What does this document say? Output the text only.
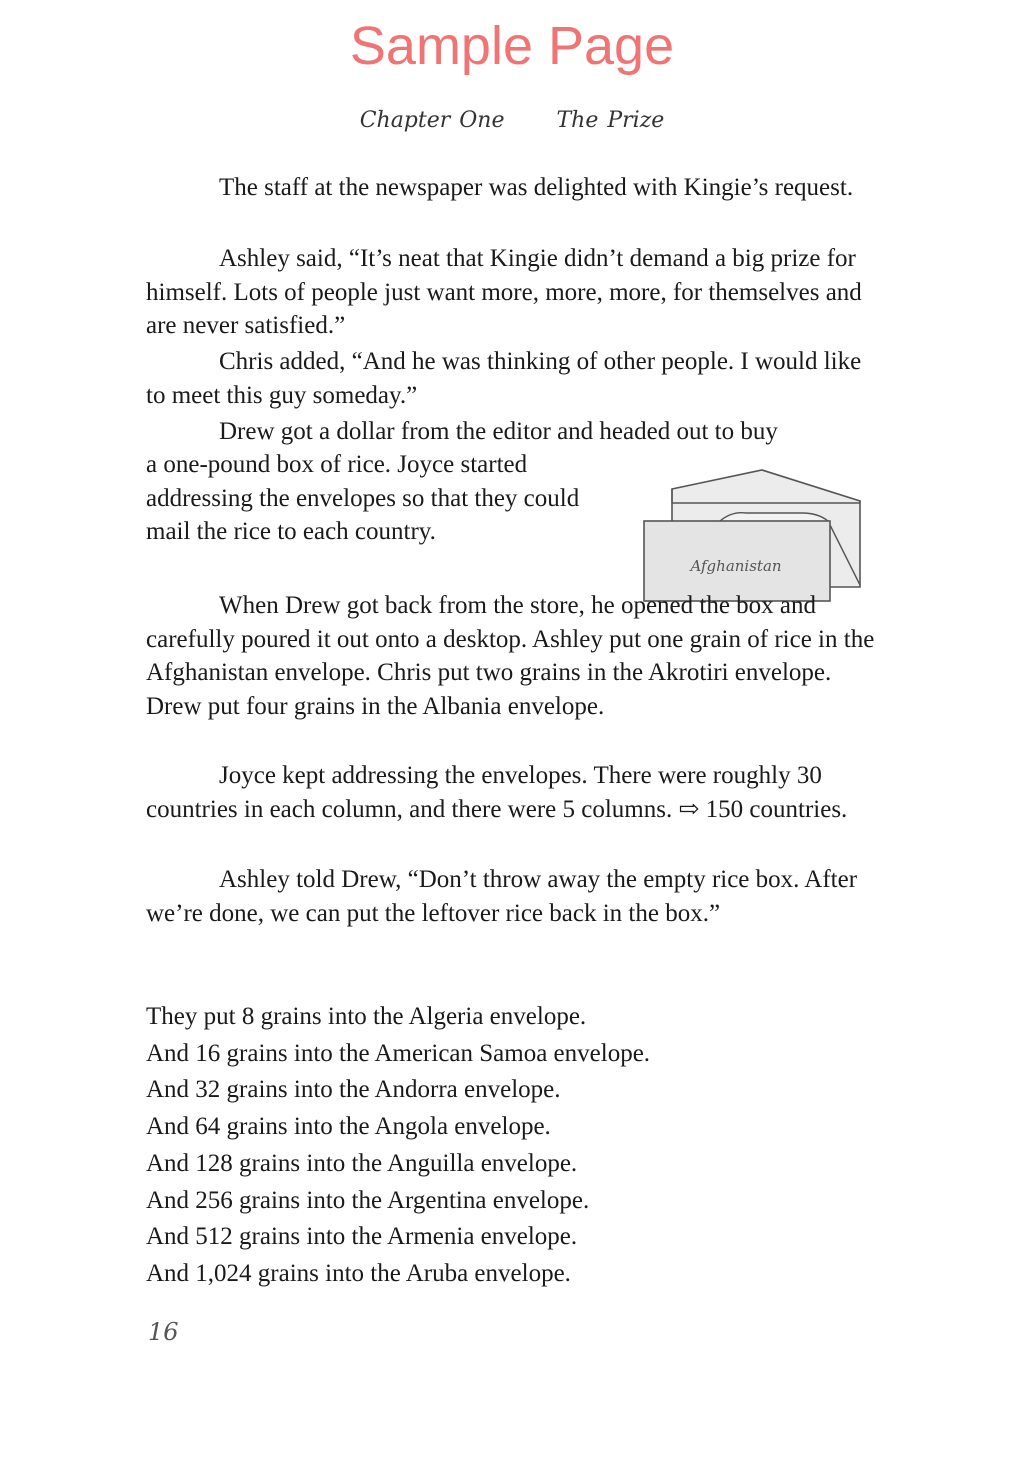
Sample Page
Chapter One The Prize

The staff at the newspaper was delighted with Kingie’s request.

Ashley said, “It’s neat that Kingie didn’t demand a big prize for himself. Lots of people just want more, more, more, for themselves and are never satisfied.”

Chris added, “And he was thinking of other people. I would like to meet this guy someday.”

Drew got a dollar from the editor and headed out to buy

a one-pound box of rice. Joyce started addressing the envelopes so that they could mail the rice to each country.

Afghanistan

When Drew got back from the store, he opened the box and carefully poured it out onto a desktop. Ashley put one grain of rice in the Afghanistan envelope. Chris put two grains in the Akrotiri envelope. Drew put four grains in the Albania envelope.

Joyce kept addressing the envelopes. There were roughly 30 countries in each column, and there were 5 columns. ⇨ 150 countries.

Ashley told Drew, “Don’t throw away the empty rice box. After we’re done, we can put the leftover rice back in the box.”

They put 8 grains into the Algeria envelope.
And 16 grains into the American Samoa envelope.
And 32 grains into the Andorra envelope.
And 64 grains into the Angola envelope.
And 128 grains into the Anguilla envelope.
And 256 grains into the Argentina envelope.
And 512 grains into the Armenia envelope.
And 1,024 grains into the Aruba envelope.
16
